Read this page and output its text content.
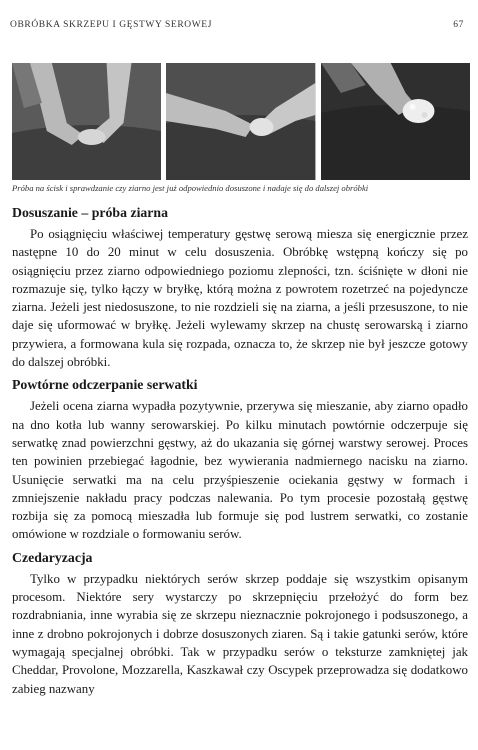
OBRÓBKA SKRZEPU I GĘSTWY SEROWEJ	67
Próba na ścisk i sprawdzanie czy ziarno jest już odpowiednio dosuszone i nadaje się do dalszej obróbki
Dosuszanie – próba ziarna

Po osiągnięciu właściwej temperatury gęstwę serową miesza się energicznie przez następne 10 do 20 minut w celu dosuszenia. Obróbkę wstępną kończy się po osiągnięciu przez ziarno odpowiedniego poziomu zlepności, tzn. ściśnięte w dłoni nie rozmazuje się, tylko łączy w bryłkę, którą można z powrotem rozetrzeć na pojedyncze ziarna. Jeżeli jest niedosuszone, to nie rozdzieli się na ziarna, a jeśli przesuszone, to nie daje się uformować w bryłkę. Jeżeli wylewamy skrzep na chustę serowarską i ziarno przywiera, a formowana kula się rozpada, oznacza to, że skrzep nie był jeszcze gotowy do dalszej obróbki.

Powtórne odczerpanie serwatki

Jeżeli ocena ziarna wypadła pozytywnie, przerywa się mieszanie, aby ziarno opadło na dno kotła lub wanny serowarskiej. Po kilku minutach powtórnie odczerpuje się serwatkę znad powierzchni gęstwy, aż do ukazania się górnej warstwy serowej. Proces ten powinien przebiegać łagodnie, bez wywierania nadmiernego nacisku na ziarno. Usunięcie serwatki ma na celu przyśpieszenie ociekania gęstwy w formach i zmniejszenie nakładu pracy podczas nalewania. Po tym procesie pozostałą gęstwę rozbija się za pomocą mieszadła lub formuje się pod lustrem serwatki, co zostanie omówione w rozdziale o formowaniu serów.

Czedaryzacja

Tylko w przypadku niektórych serów skrzep poddaje się wszystkim opisanym procesom. Niektóre sery wystarczy po skrzepnięciu przełożyć do form bez rozdrabniania, inne wyrabia się ze skrzepu nieznacznie pokrojonego i podsuszonego, a inne z drobno pokrojonych i dobrze dosuszonych ziaren. Są i takie gatunki serów, które wymagają specjalnej obróbki. Tak w przypadku serów o teksturze zamkniętej jak Cheddar, Provolone, Mozzarella, Kaszkawał czy Oscypek przeprowadza się dodatkowo zabieg nazwany
